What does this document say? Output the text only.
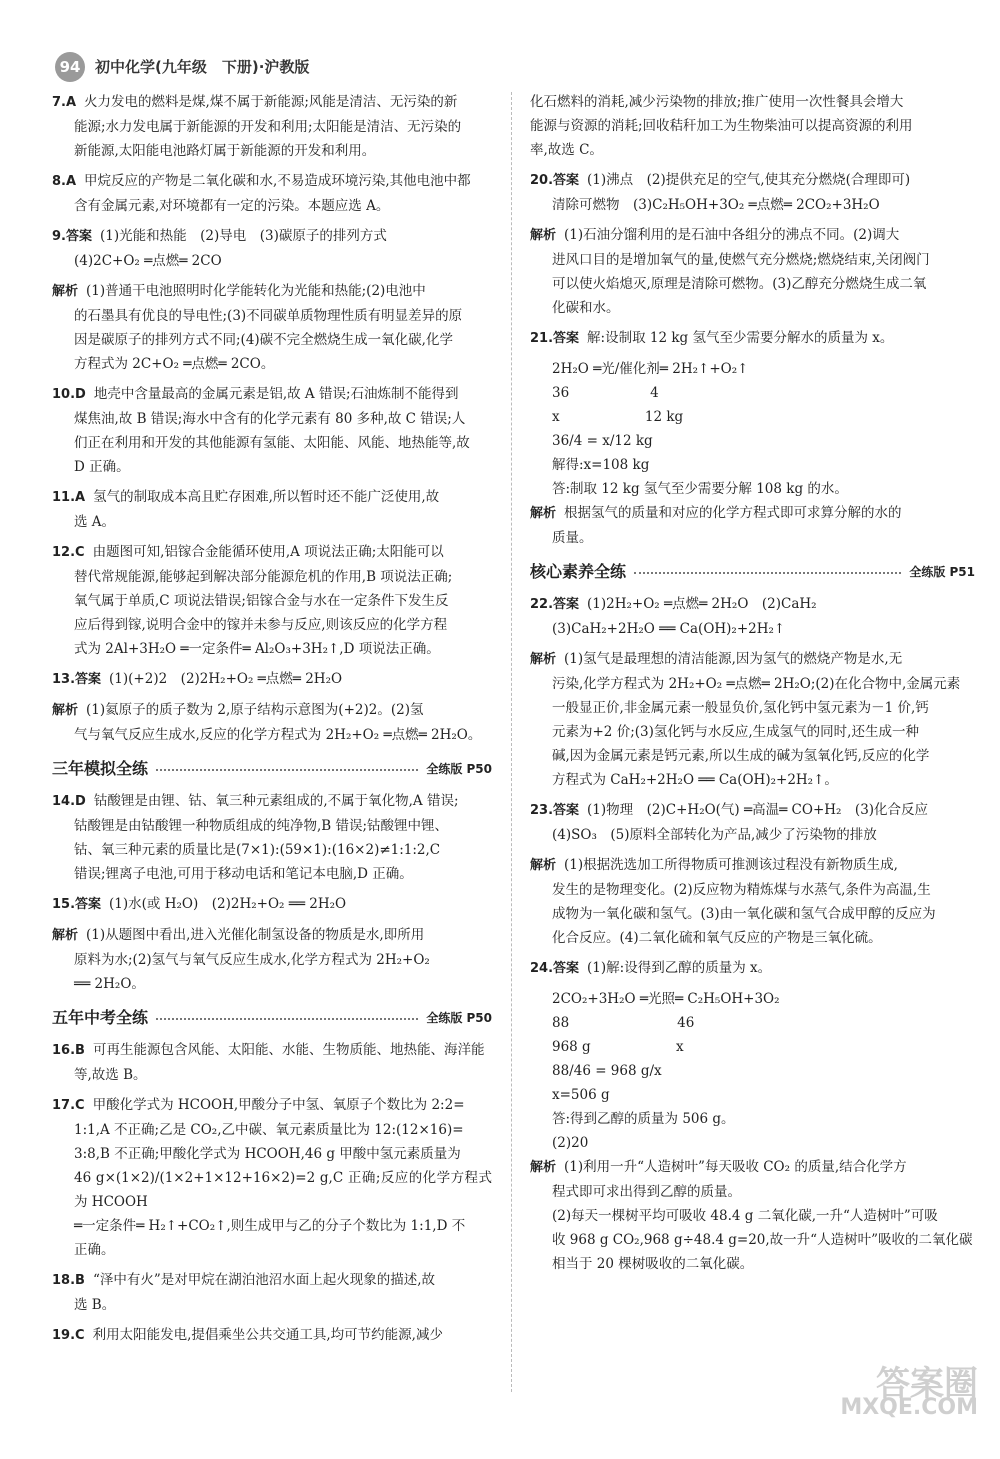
94 初中化学(九年级　下册)·沪教版
7.A 火力发电的燃料是煤,煤不属于新能源;风能是清洁、无污染的新
能源;水力发电属于新能源的开发和利用;太阳能是清洁、无污染的
新能源,太阳能电池路灯属于新能源的开发和利用。
8.A 甲烷反应的产物是二氧化碳和水,不易造成环境污染,其他电池中都
含有金属元素,对环境都有一定的污染。本题应选 A。
9.答案 (1)光能和热能　(2)导电　(3)碳原子的排列方式
(4)2C+O₂ ═点燃═ 2CO
解析 (1)普通干电池照明时化学能转化为光能和热能;(2)电池中
的石墨具有优良的导电性;(3)不同碳单质物理性质有明显差异的原
因是碳原子的排列方式不同;(4)碳不完全燃烧生成一氧化碳,化学
方程式为 2C+O₂ ═点燃═ 2CO。
10.D 地壳中含量最高的金属元素是铝,故 A 错误;石油炼制不能得到
煤焦油,故 B 错误;海水中含有的化学元素有 80 多种,故 C 错误;人
们正在利用和开发的其他能源有氢能、太阳能、风能、地热能等,故
D 正确。
11.A 氢气的制取成本高且贮存困难,所以暂时还不能广泛使用,故
选 A。
12.C 由题图可知,铝镓合金能循环使用,A 项说法正确;太阳能可以
替代常规能源,能够起到解决部分能源危机的作用,B 项说法正确;
氧气属于单质,C 项说法错误;铝镓合金与水在一定条件下发生反
应后得到镓,说明合金中的镓并未参与反应,则该反应的化学方程
式为 2Al+3H₂O ═一定条件═ Al₂O₃+3H₂↑,D 项说法正确。
13.答案 (1)(+2)2　(2)2H₂+O₂ ═点燃═ 2H₂O
解析 (1)氦原子的质子数为 2,原子结构示意图为(+2)2。(2)氢
气与氧气反应生成水,反应的化学方程式为 2H₂+O₂ ═点燃═ 2H₂O。
三年模拟全练	全练版 P50
14.D 钴酸锂是由锂、钴、氧三种元素组成的,不属于氧化物,A 错误;
钴酸锂是由钴酸锂一种物质组成的纯净物,B 错误;钴酸锂中锂、
钴、氧三种元素的质量比是(7×1):(59×1):(16×2)≠1:1:2,C
错误;锂离子电池,可用于移动电话和笔记本电脑,D 正确。
15.答案 (1)水(或 H₂O)　(2)2H₂+O₂ ══ 2H₂O
解析 (1)从题图中看出,进入光催化制氢设备的物质是水,即所用
原料为水;(2)氢气与氧气反应生成水,化学方程式为 2H₂+O₂
══ 2H₂O。
五年中考全练	全练版 P50
16.B 可再生能源包含风能、太阳能、水能、生物质能、地热能、海洋能
等,故选 B。
17.C 甲酸化学式为 HCOOH,甲酸分子中氢、氧原子个数比为 2:2=
1:1,A 不正确;乙是 CO₂,乙中碳、氧元素质量比为 12:(12×16)=
3:8,B 不正确;甲酸化学式为 HCOOH,46 g 甲酸中氢元素质量为
46 g×(1×2)/(1×2+1×12+16×2)=2 g,C 正确;反应的化学方程式为 HCOOH
═一定条件═ H₂↑+CO₂↑,则生成甲与乙的分子个数比为 1:1,D 不
正确。
18.B “泽中有火”是对甲烷在湖泊池沼水面上起火现象的描述,故
选 B。
19.C 利用太阳能发电,提倡乘坐公共交通工具,均可节约能源,减少
化石燃料的消耗,减少污染物的排放;推广使用一次性餐具会增大
能源与资源的消耗;回收秸秆加工为生物柴油可以提高资源的利用
率,故选 C。
20.答案 (1)沸点　(2)提供充足的空气,使其充分燃烧(合理即可)
清除可燃物　(3)C₂H₅OH+3O₂ ═点燃═ 2CO₂+3H₂O
解析 (1)石油分馏利用的是石油中各组分的沸点不同。(2)调大
进风口目的是增加氧气的量,使燃气充分燃烧;燃烧结束,关闭阀门
可以使火焰熄灭,原理是清除可燃物。(3)乙醇充分燃烧生成二氧
化碳和水。
21.答案 解:设制取 12 kg 氢气至少需要分解水的质量为 x。
2H₂O ═光/催化剂═ 2H₂↑+O₂↑
36　　　　　　4
x　　　　　　 12 kg
36/4 = x/12 kg
解得:x=108 kg
答:制取 12 kg 氢气至少需要分解 108 kg 的水。
解析 根据氢气的质量和对应的化学方程式即可求算分解的水的
质量。
核心素养全练	全练版 P51
22.答案 (1)2H₂+O₂ ═点燃═ 2H₂O　(2)CaH₂
(3)CaH₂+2H₂O ══ Ca(OH)₂+2H₂↑
解析 (1)氢气是最理想的清洁能源,因为氢气的燃烧产物是水,无
污染,化学方程式为 2H₂+O₂ ═点燃═ 2H₂O;(2)在化合物中,金属元素
一般显正价,非金属元素一般显负价,氢化钙中氢元素为－1 价,钙
元素为+2 价;(3)氢化钙与水反应,生成氢气的同时,还生成一种
碱,因为金属元素是钙元素,所以生成的碱为氢氧化钙,反应的化学
方程式为 CaH₂+2H₂O ══ Ca(OH)₂+2H₂↑。
23.答案 (1)物理　(2)C+H₂O(气) ═高温═ CO+H₂　(3)化合反应
(4)SO₃　(5)原料全部转化为产品,减少了污染物的排放
解析 (1)根据洗选加工所得物质可推测该过程没有新物质生成,
发生的是物理变化。(2)反应物为精炼煤与水蒸气,条件为高温,生
成物为一氧化碳和氢气。(3)由一氧化碳和氢气合成甲醇的反应为
化合反应。(4)二氧化硫和氧气反应的产物是三氧化硫。
24.答案 (1)解:设得到乙醇的质量为 x。
2CO₂+3H₂O ═光照═ C₂H₅OH+3O₂
88　　　　　　　　46
968 g　　　　　　 x
88/46 = 968 g/x
x=506 g
答:得到乙醇的质量为 506 g。
(2)20
解析 (1)利用一升“人造树叶”每天吸收 CO₂ 的质量,结合化学方
程式即可求出得到乙醇的质量。
(2)每天一棵树平均可吸收 48.4 g 二氧化碳,一升“人造树叶”可吸
收 968 g CO₂,968 g÷48.4 g=20,故一升“人造树叶”吸收的二氧化碳
相当于 20 棵树吸收的二氧化碳。
答案圈
MXQE.COM
